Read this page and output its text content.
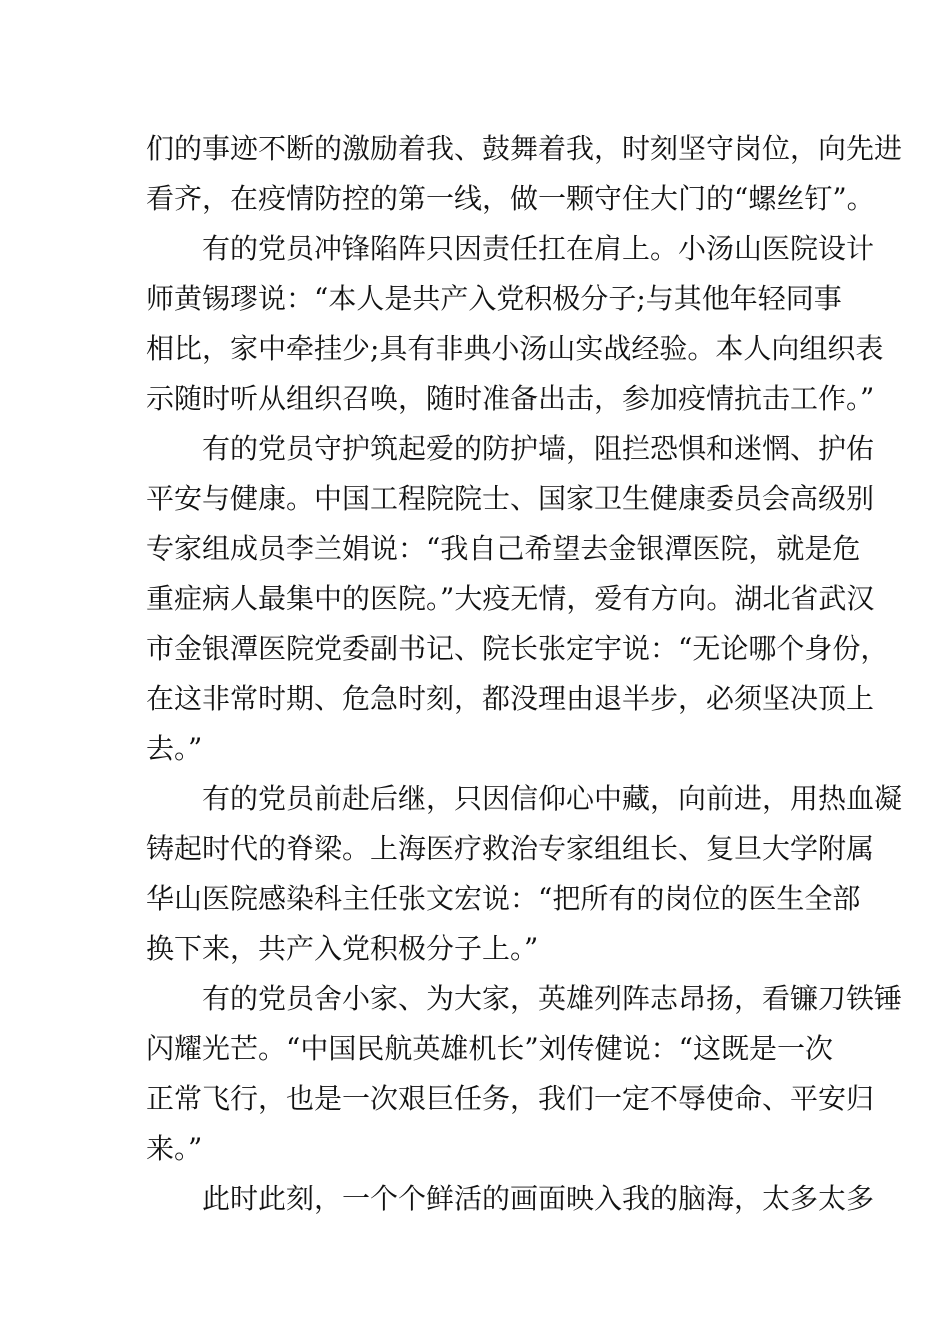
们的事迹不断的激励着我、鼓舞着我，时刻坚守岗位，向先进
看齐，在疫情防控的第一线，做一颗守住大门的“螺丝钉”。
有的党员冲锋陷阵只因责任扛在肩上。小汤山医院设计
师黄锡璆说：“本人是共产入党积极分子;与其他年轻同事
相比，家中牵挂少;具有非典小汤山实战经验。本人向组织表
示随时听从组织召唤，随时准备出击，参加疫情抗击工作。”
有的党员守护筑起爱的防护墙，阻拦恐惧和迷惘、护佑
平安与健康。中国工程院院士、国家卫生健康委员会高级别
专家组成员李兰娟说：“我自己希望去金银潭医院，就是危
重症病人最集中的医院。”大疫无情，爱有方向。湖北省武汉
市金银潭医院党委副书记、院长张定宇说：“无论哪个身份，
在这非常时期、危急时刻，都没理由退半步，必须坚决顶上
去。”
有的党员前赴后继，只因信仰心中藏，向前进，用热血凝
铸起时代的脊梁。上海医疗救治专家组组长、复旦大学附属
华山医院感染科主任张文宏说：“把所有的岗位的医生全部
换下来，共产入党积极分子上。”
有的党员舍小家、为大家，英雄列阵志昂扬，看镰刀铁锤
闪耀光芒。“中国民航英雄机长”刘传健说：“这既是一次
正常飞行，也是一次艰巨任务，我们一定不辱使命、平安归
来。”
此时此刻，一个个鲜活的画面映入我的脑海，太多太多
